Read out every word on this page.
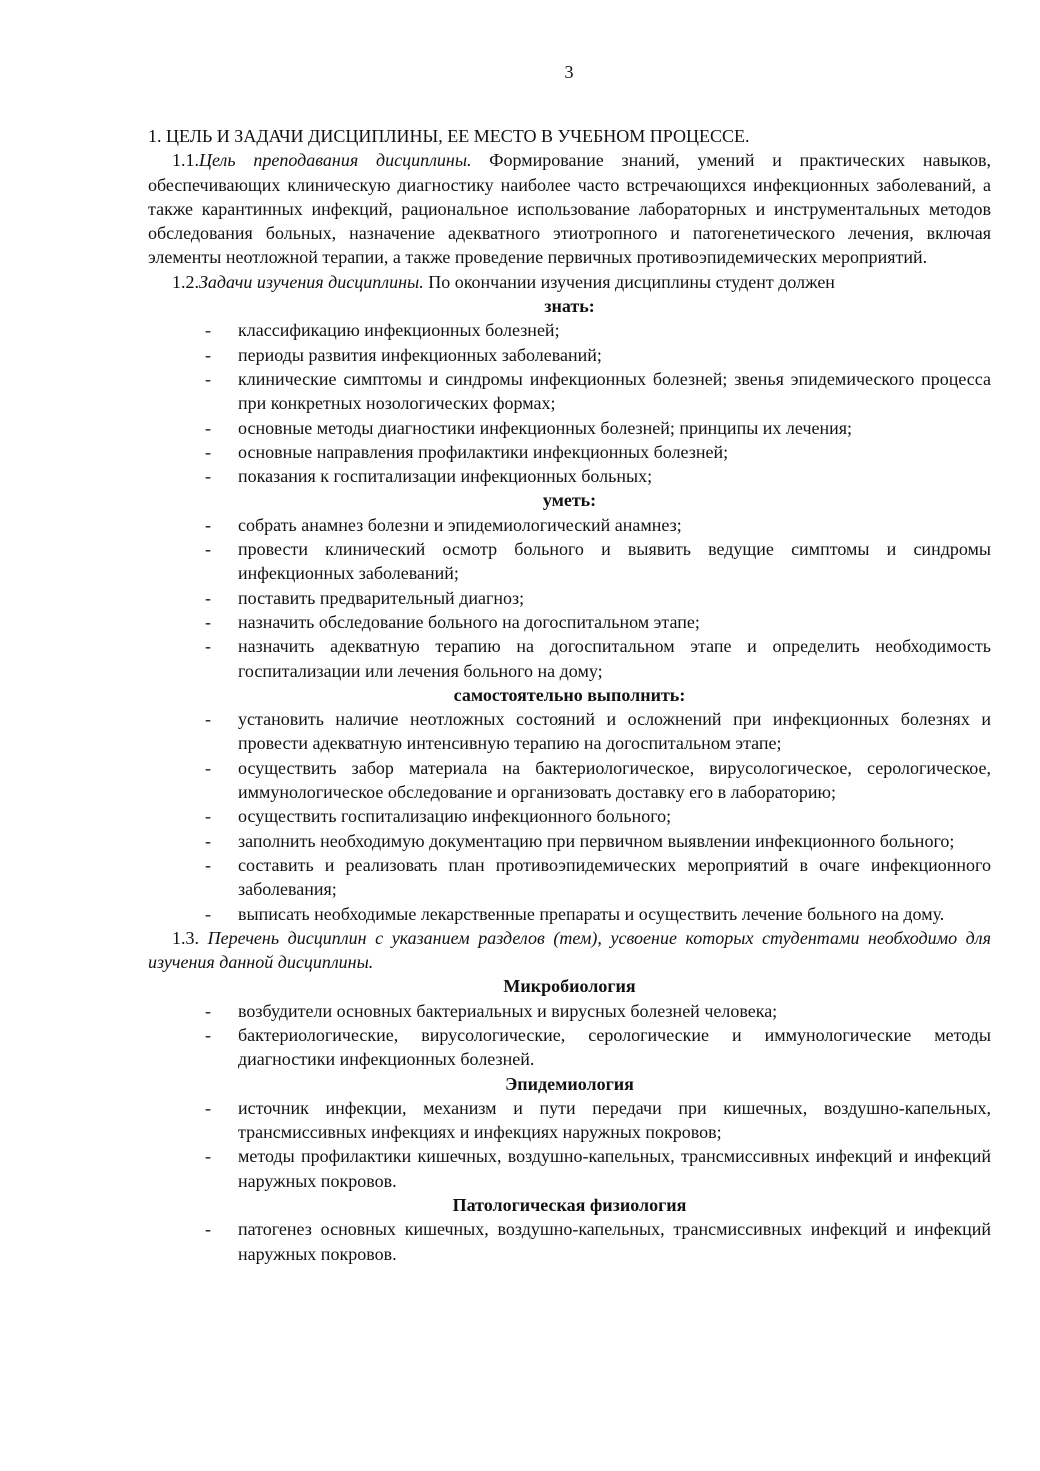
3

1. ЦЕЛЬ И ЗАДАЧИ ДИСЦИПЛИНЫ, ЕЕ МЕСТО В УЧЕБНОМ ПРОЦЕССЕ.

1.1.Цель преподавания дисциплины. Формирование знаний, умений и практических навыков, обеспечивающих клиническую диагностику наиболее часто встречающихся инфекционных заболеваний, а также карантинных инфекций, рациональное использование лабораторных и инструментальных методов обследования больных, назначение адекватного этиотропного и патогенетического лечения, включая элементы неотложной терапии, а также проведение первичных противоэпидемических мероприятий.

1.2.Задачи изучения дисциплины. По окончании изучения дисциплины студент должен

знать:

- классификацию инфекционных болезней;
- периоды развития инфекционных заболеваний;
- клинические симптомы и синдромы инфекционных болезней; звенья эпидемического процесса при конкретных нозологических формах;
- основные методы диагностики инфекционных болезней; принципы их лечения;
- основные направления профилактики инфекционных болезней;
- показания к госпитализации инфекционных больных;

уметь:

- собрать анамнез болезни и эпидемиологический анамнез;
- провести клинический осмотр больного и выявить ведущие симптомы и синдромы инфекционных заболеваний;
- поставить предварительный диагноз;
- назначить обследование больного на догоспитальном этапе;
- назначить адекватную терапию на догоспитальном этапе и определить необходимость госпитализации или лечения больного на дому;

самостоятельно выполнить:

- установить наличие неотложных состояний и осложнений при инфекционных болезнях и провести адекватную интенсивную терапию на догоспитальном этапе;
- осуществить забор материала на бактериологическое, вирусологическое, серологическое, иммунологическое обследование и организовать доставку его в лабораторию;
- осуществить госпитализацию инфекционного больного;
- заполнить необходимую документацию при первичном выявлении инфекционного больного;
- составить и реализовать план противоэпидемических мероприятий в очаге инфекционного заболевания;
- выписать необходимые лекарственные препараты и осуществить лечение больного на дому.

1.3. Перечень дисциплин с указанием разделов (тем), усвоение которых студентами необходимо для изучения данной дисциплины.

Микробиология

- возбудители основных бактериальных и вирусных болезней человека;
- бактериологические, вирусологические, серологические и иммунологические методы диагностики инфекционных болезней.

Эпидемиология

- источник инфекции, механизм и пути передачи при кишечных, воздушно-капельных, трансмиссивных инфекциях и инфекциях наружных покровов;
- методы профилактики кишечных, воздушно-капельных, трансмиссивных инфекций и инфекций наружных покровов.

Патологическая физиология

- патогенез основных кишечных, воздушно-капельных, трансмиссивных инфекций и инфекций наружных покровов.
